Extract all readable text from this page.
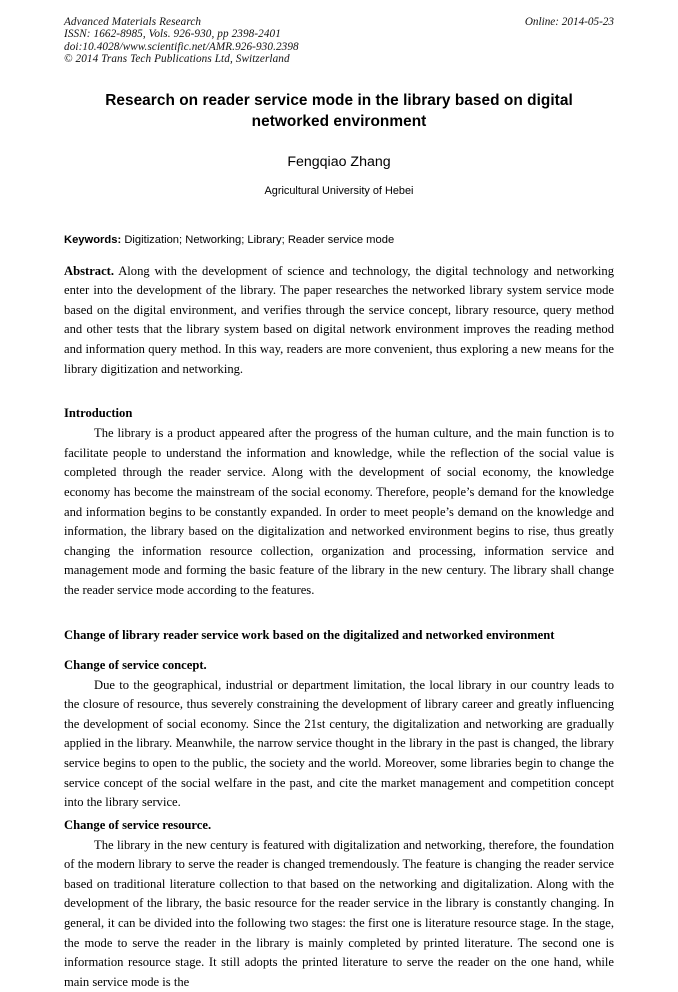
Advanced Materials Research
ISSN: 1662-8985, Vols. 926-930, pp 2398-2401
doi:10.4028/www.scientific.net/AMR.926-930.2398
© 2014 Trans Tech Publications Ltd, Switzerland
Online: 2014-05-23
Research on reader service mode in the library based on digital networked environment
Fengqiao Zhang
Agricultural University of Hebei
Keywords: Digitization; Networking; Library; Reader service mode
Abstract. Along with the development of science and technology, the digital technology and networking enter into the development of the library. The paper researches the networked library system service mode based on the digital environment, and verifies through the service concept, library resource, query method and other tests that the library system based on digital network environment improves the reading method and information query method. In this way, readers are more convenient, thus exploring a new means for the library digitization and networking.
Introduction
The library is a product appeared after the progress of the human culture, and the main function is to facilitate people to understand the information and knowledge, while the reflection of the social value is completed through the reader service. Along with the development of social economy, the knowledge economy has become the mainstream of the social economy. Therefore, people’s demand for the knowledge and information begins to be constantly expanded. In order to meet people’s demand on the knowledge and information, the library based on the digitalization and networked environment begins to rise, thus greatly changing the information resource collection, organization and processing, information service and management mode and forming the basic feature of the library in the new century. The library shall change the reader service mode according to the features.
Change of library reader service work based on the digitalized and networked environment
Change of service concept.
Due to the geographical, industrial or department limitation, the local library in our country leads to the closure of resource, thus severely constraining the development of library career and greatly influencing the development of social economy. Since the 21st century, the digitalization and networking are gradually applied in the library. Meanwhile, the narrow service thought in the library in the past is changed, the library service begins to open to the public, the society and the world. Moreover, some libraries begin to change the service concept of the social welfare in the past, and cite the market management and competition concept into the library service.
Change of service resource.
The library in the new century is featured with digitalization and networking, therefore, the foundation of the modern library to serve the reader is changed tremendously. The feature is changing the reader service based on traditional literature collection to that based on the networking and digitalization. Along with the development of the library, the basic resource for the reader service in the library is constantly changing. In general, it can be divided into the following two stages: the first one is literature resource stage. In the stage, the mode to serve the reader in the library is mainly completed by printed literature. The second one is information resource stage. It still adopts the printed literature to serve the reader on the one hand, while main service mode is the
